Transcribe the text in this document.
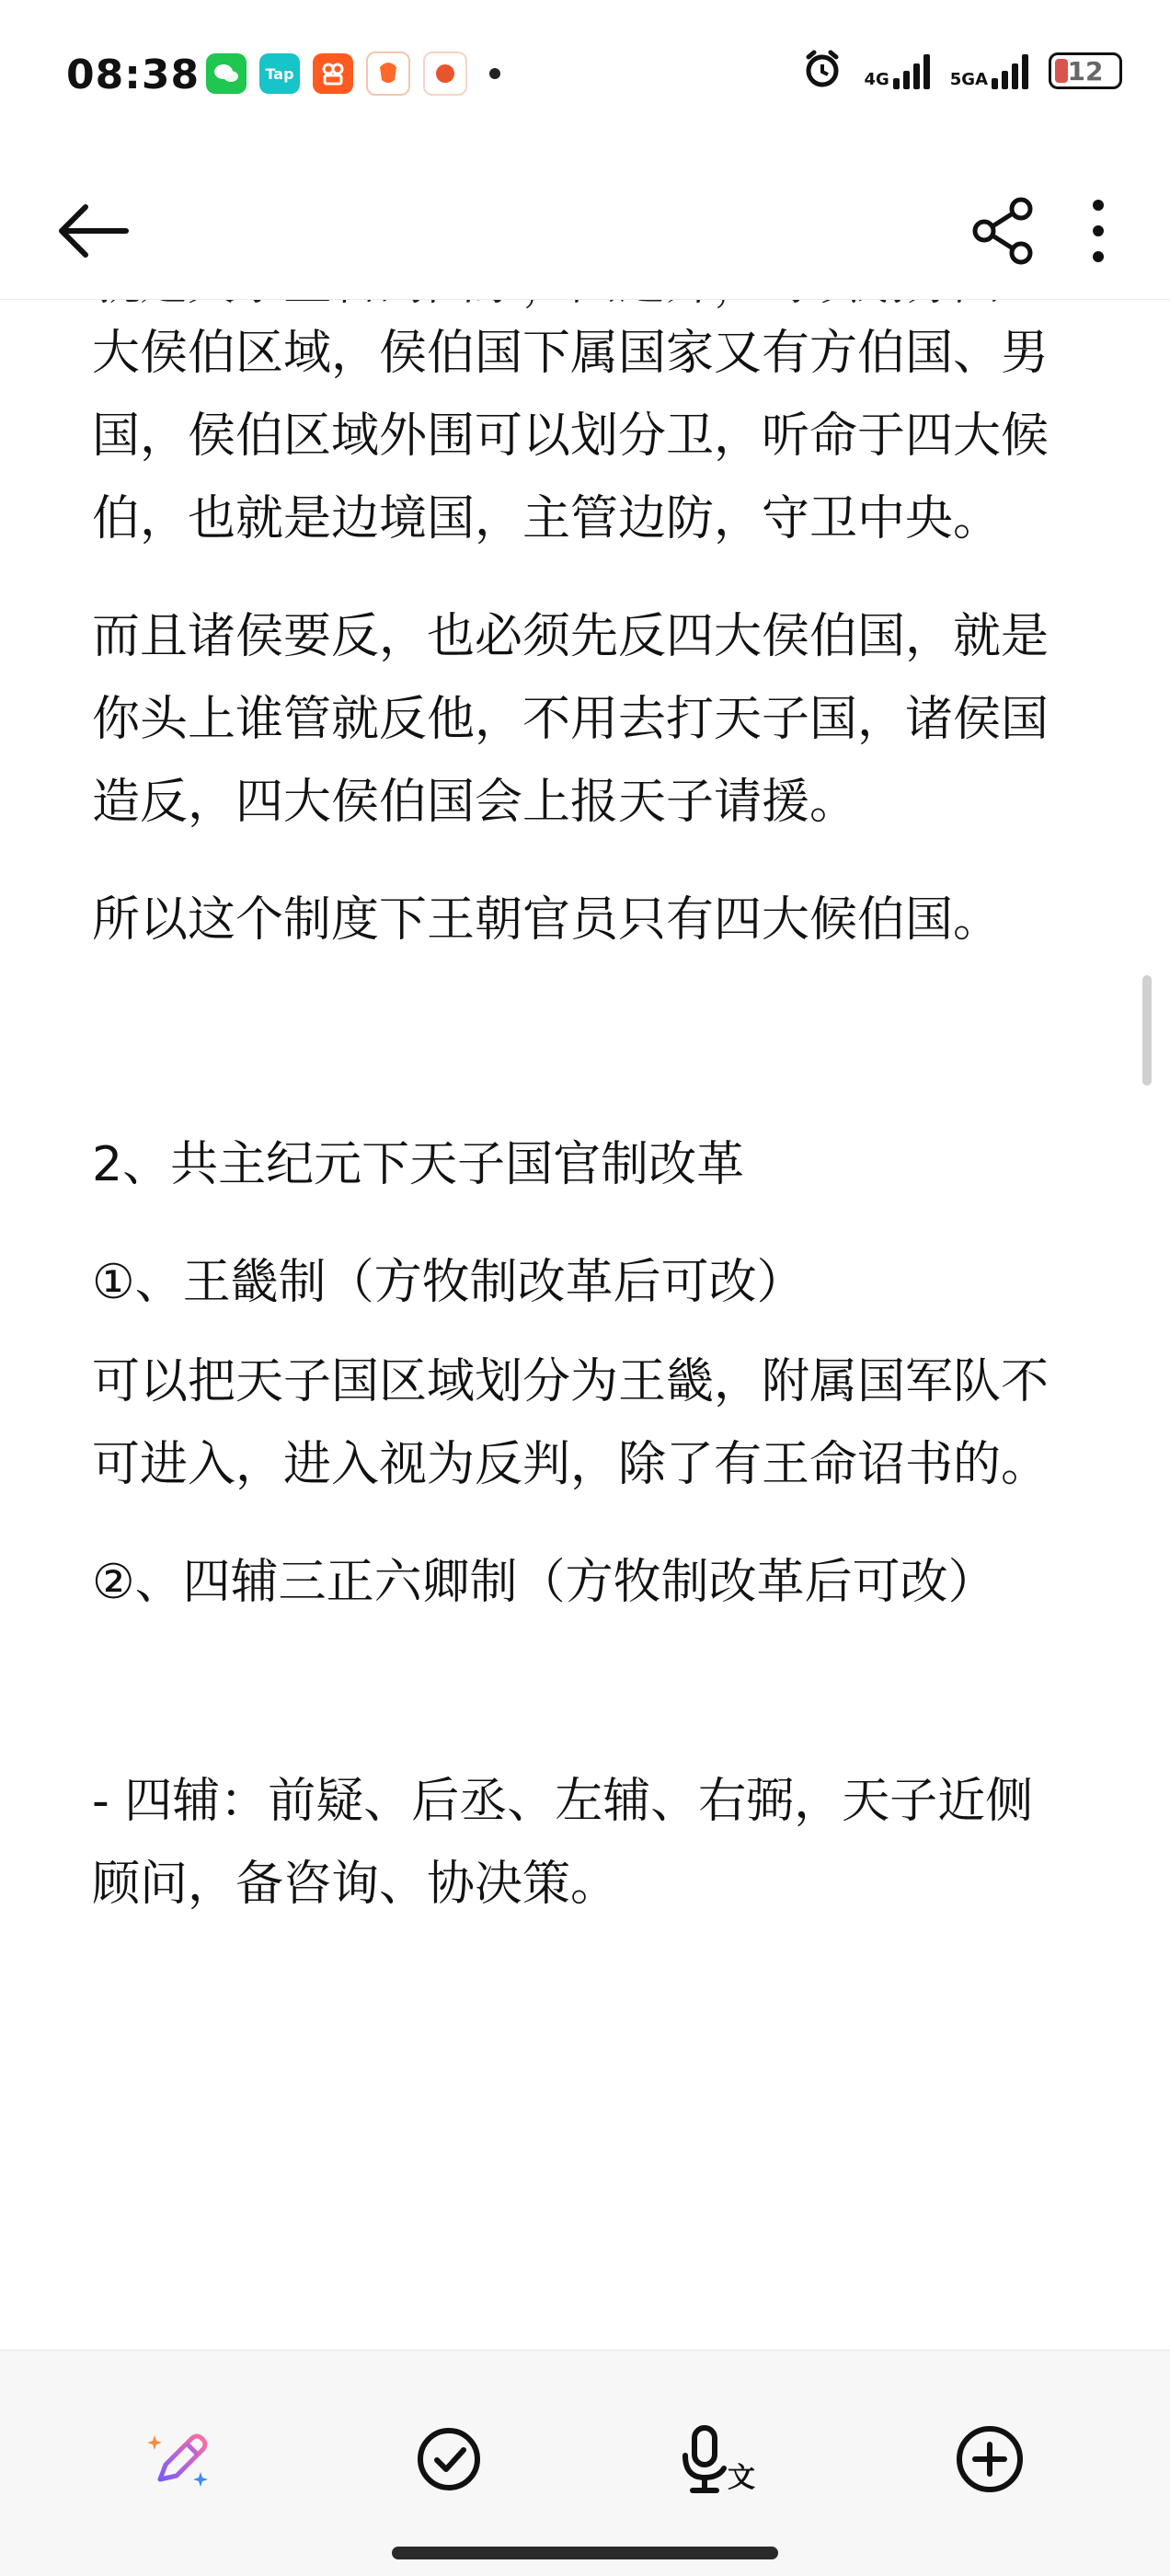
08:38	Tap	4G	5GA	12

大侯伯区域，侯伯国下属国家又有方伯国、男国，侯伯区域外围可以划分卫，听命于四大候伯，也就是边境国，主管边防，守卫中央。

而且诸侯要反，也必须先反四大侯伯国，就是你头上谁管就反他，不用去打天子国，诸侯国造反，四大侯伯国会上报天子请援。

所以这个制度下王朝官员只有四大候伯国。

2、共主纪元下天子国官制改革

①、王畿制（方牧制改革后可改）

可以把天子国区域划分为王畿，附属国军队不可进入，进入视为反判，除了有王命诏书的。

②、四辅三正六卿制（方牧制改革后可改）

- 四辅：前疑、后丞、左辅、右弼，天子近侧顾问，备咨询、协决策。

文
